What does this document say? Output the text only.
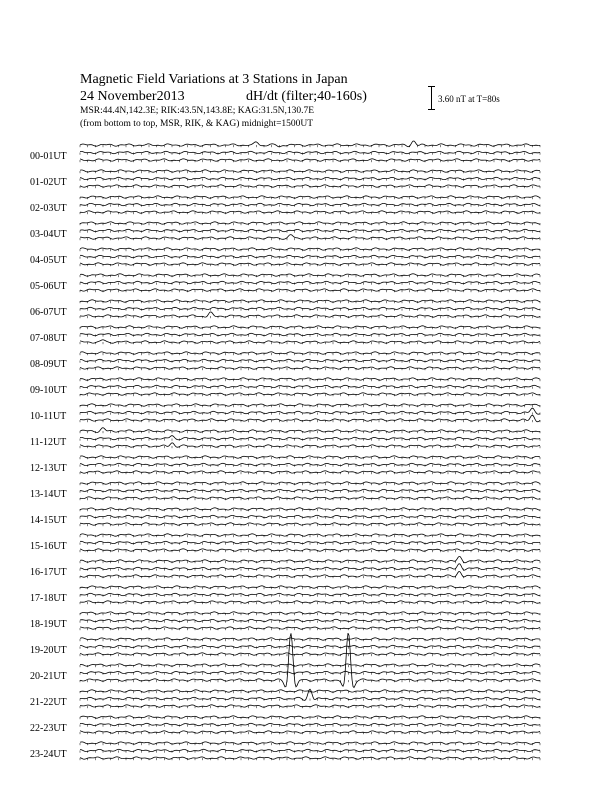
Magnetic Field Variations at 3 Stations in Japan
24 November2013	dH/dt (filter;40-160s)
MSR:44.4N,142.3E; RIK:43.5N,143.8E; KAG:31.5N,130.7E
(from bottom to top, MSR, RIK, & KAG) midnight=1500UT
3.60 nT at T=80s
00-01UT
01-02UT
02-03UT
03-04UT
04-05UT
05-06UT
06-07UT
07-08UT
08-09UT
09-10UT
10-11UT
11-12UT
12-13UT
13-14UT
14-15UT
15-16UT
16-17UT
17-18UT
18-19UT
19-20UT
20-21UT
21-22UT
22-23UT
23-24UT
